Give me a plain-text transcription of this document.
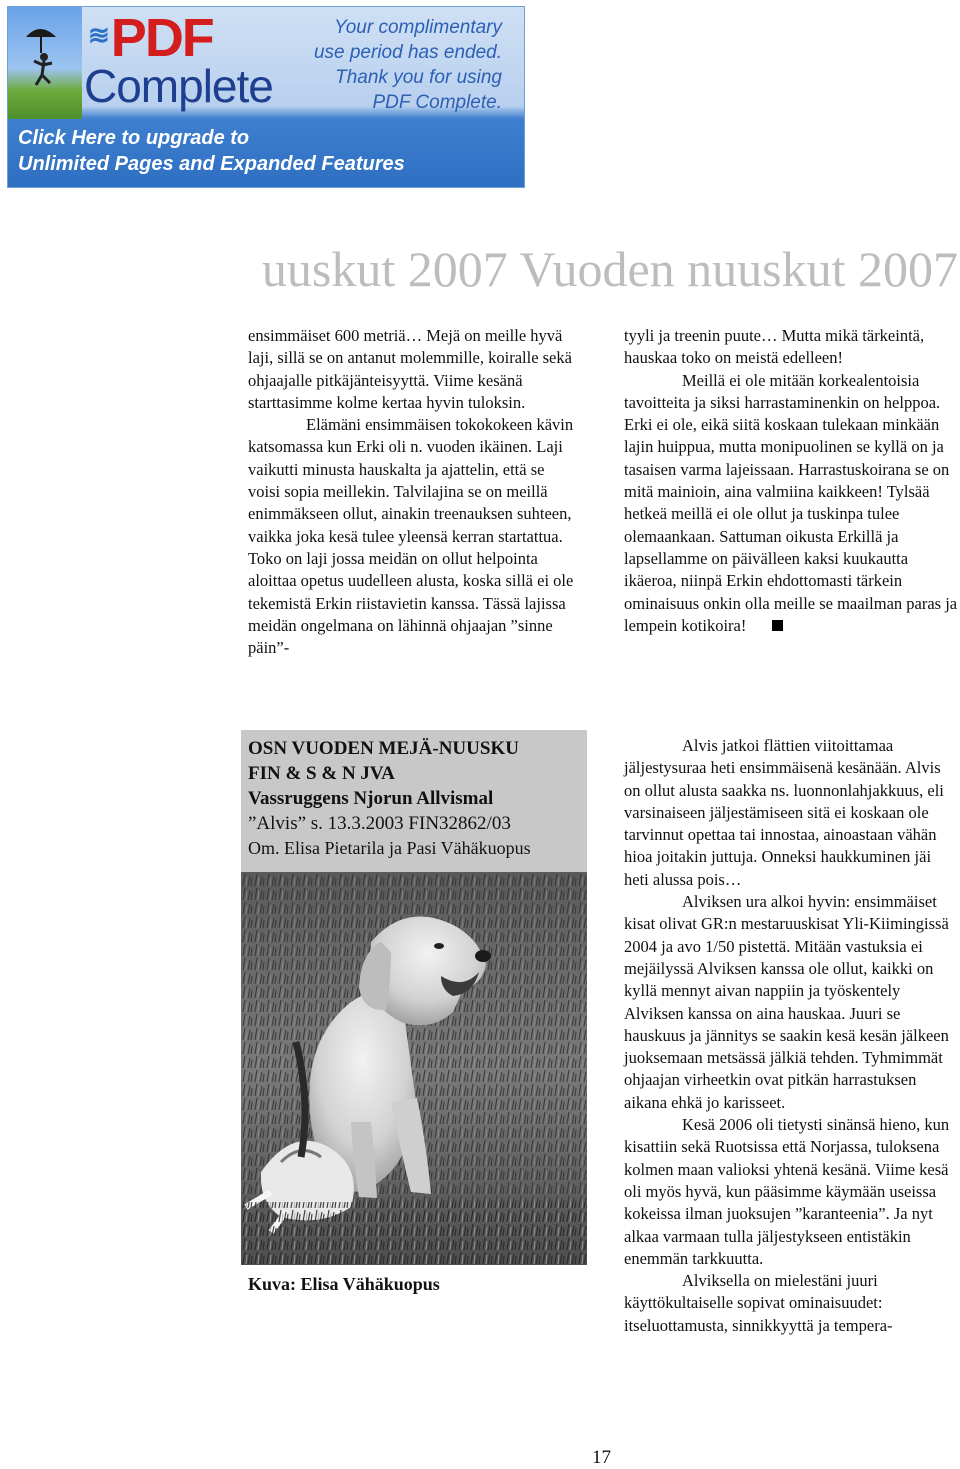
≋PDF
Complete
Your complimentary
use period has ended.
Thank you for using
PDF Complete.
Click Here to upgrade to
Unlimited Pages and Expanded Features
uuskut 2007 Vuoden nuuskut 2007

ensimmäiset 600 metriä… Mejä on meille hyvä laji, sillä se on antanut molemmille, koiralle sekä ohjaajalle pitkäjänteisyyttä. Viime kesänä starttasimme kolme kertaa hyvin tuloksin.

Elämäni ensimmäisen tokokokeen kävin katsomassa kun Erki oli n. vuoden ikäinen. Laji vaikutti minusta hauskalta ja ajattelin, että se voisi sopia meillekin. Talvilajina se on meillä enimmäkseen ollut, ainakin treenauksen suhteen, vaikka joka kesä tulee yleensä kerran startattua. Toko on laji jossa meidän on ollut helpointa aloittaa opetus uudelleen alusta, koska sillä ei ole tekemistä Erkin riistavietin kanssa. Tässä lajissa meidän ongelmana on lähinnä ohjaajan ”sinne päin”-

tyyli ja treenin puute… Mutta mikä tärkeintä, hauskaa toko on meistä edelleen!

Meillä ei ole mitään korkealentoisia tavoitteita ja siksi harrastaminenkin on helppoa. Erki ei ole, eikä siitä koskaan tulekaan minkään lajin huippua, mutta monipuolinen se kyllä on ja tasaisen varma lajeissaan. Harrastuskoirana se on mitä mainioin, aina valmiina kaikkeen! Tylsää hetkeä meillä ei ole ollut ja tuskinpa tulee olemaankaan. Sattuman oikusta Erkillä ja lapsellamme on päivälleen kaksi kuukautta ikäeroa, niinpä Erkin ehdottomasti tärkein ominaisuus onkin olla meille se maailman paras ja lempein kotikoira!

OSN VUODEN MEJÄ-NUUSKU
FIN & S & N JVA
Vassruggens Njorun Allvismal
”Alvis” s. 13.3.2003 FIN32862/03
Om. Elisa Pietarila ja Pasi Vähäkuopus
Kuva: Elisa Vähäkuopus

Alvis jatkoi flättien viitoittamaa jäljestysuraa heti ensimmäisenä kesänään. Alvis on ollut alusta saakka ns. luonnonlahjakkuus, eli varsinaiseen jäljestämiseen sitä ei koskaan ole tarvinnut opettaa tai innostaa, ainoastaan vähän hioa joitakin juttuja. Onneksi haukkuminen jäi heti alussa pois…

Alviksen ura alkoi hyvin: ensimmäiset kisat olivat GR:n mestaruuskisat Yli-Kiimingissä 2004 ja avo 1/50 pistettä. Mitään vastuksia ei mejäilyssä Alviksen kanssa ole ollut, kaikki on kyllä mennyt aivan nappiin ja työskentely Alviksen kanssa on aina hauskaa. Juuri se hauskuus ja jännitys se saakin kesä kesän jälkeen juoksemaan metsässä jälkiä tehden. Tyhmimmät ohjaajan virheetkin ovat pitkän harrastuksen aikana ehkä jo karisseet.

Kesä 2006 oli tietysti sinänsä hieno, kun kisattiin sekä Ruotsissa että Norjassa, tuloksena kolmen maan valioksi yhtenä kesänä. Viime kesä oli myös hyvä, kun pääsimme käymään useissa kokeissa ilman juoksujen ”karanteenia”. Ja nyt alkaa varmaan tulla jäljestykseen entistäkin enemmän tarkkuutta.

Alviksella on mielestäni juuri käyttökultaiselle sopivat ominaisuudet: itseluottamusta, sinnikkyyttä ja tempera-

17
